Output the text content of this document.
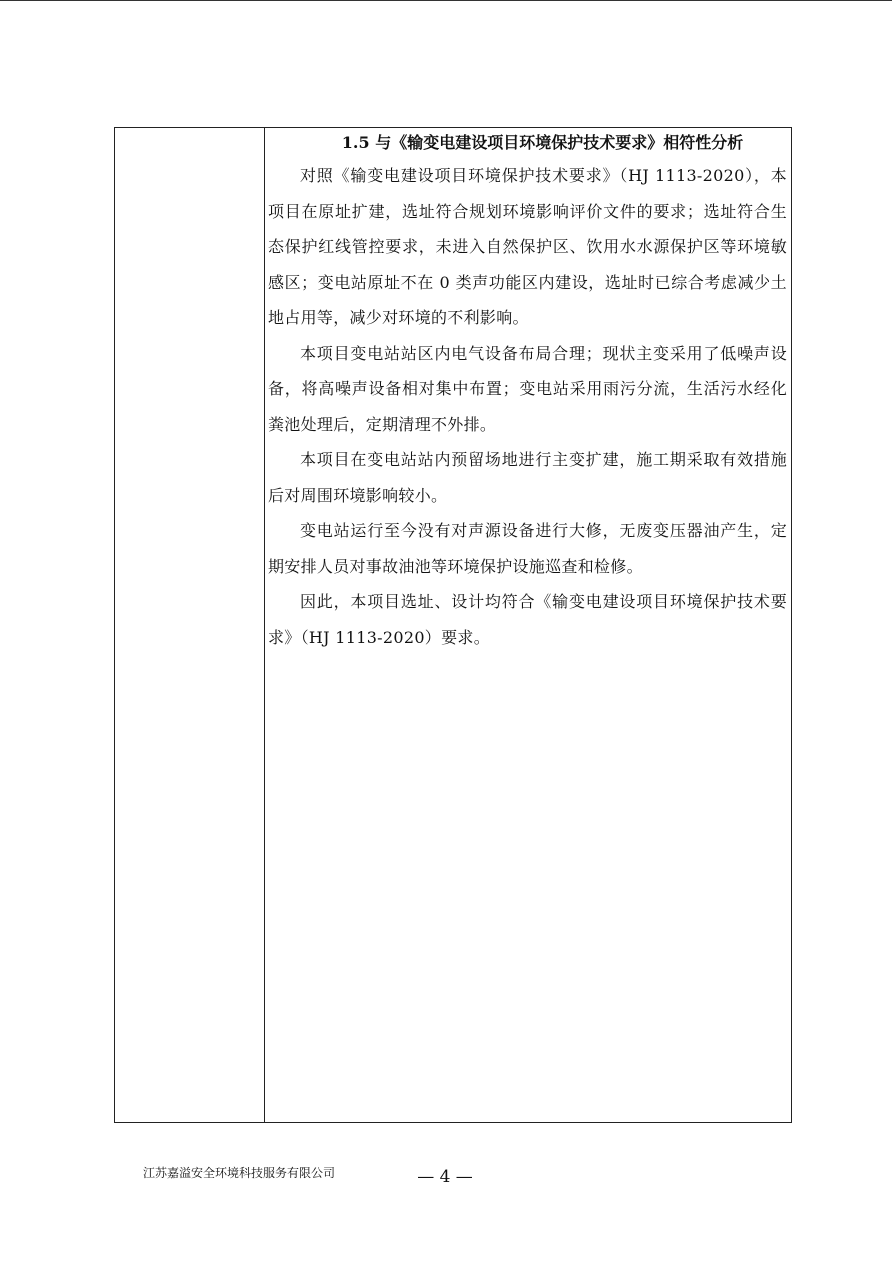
1.5 与《输变电建设项目环境保护技术要求》相符性分析

对照《输变电建设项目环境保护技术要求》（HJ 1113-2020），本项目在原址扩建，选址符合规划环境影响评价文件的要求；选址符合生态保护红线管控要求，未进入自然保护区、饮用水水源保护区等环境敏感区；变电站原址不在 0 类声功能区内建设，选址时已综合考虑减少土地占用等，减少对环境的不利影响。

本项目变电站站区内电气设备布局合理；现状主变采用了低噪声设备，将高噪声设备相对集中布置；变电站采用雨污分流，生活污水经化粪池处理后，定期清理不外排。

本项目在变电站站内预留场地进行主变扩建，施工期采取有效措施后对周围环境影响较小。

变电站运行至今没有对声源设备进行大修，无废变压器油产生，定期安排人员对事故油池等环境保护设施巡查和检修。

因此，本项目选址、设计均符合《输变电建设项目环境保护技术要求》（HJ 1113-2020）要求。

江苏嘉溢安全环境科技服务有限公司	— 4 —
